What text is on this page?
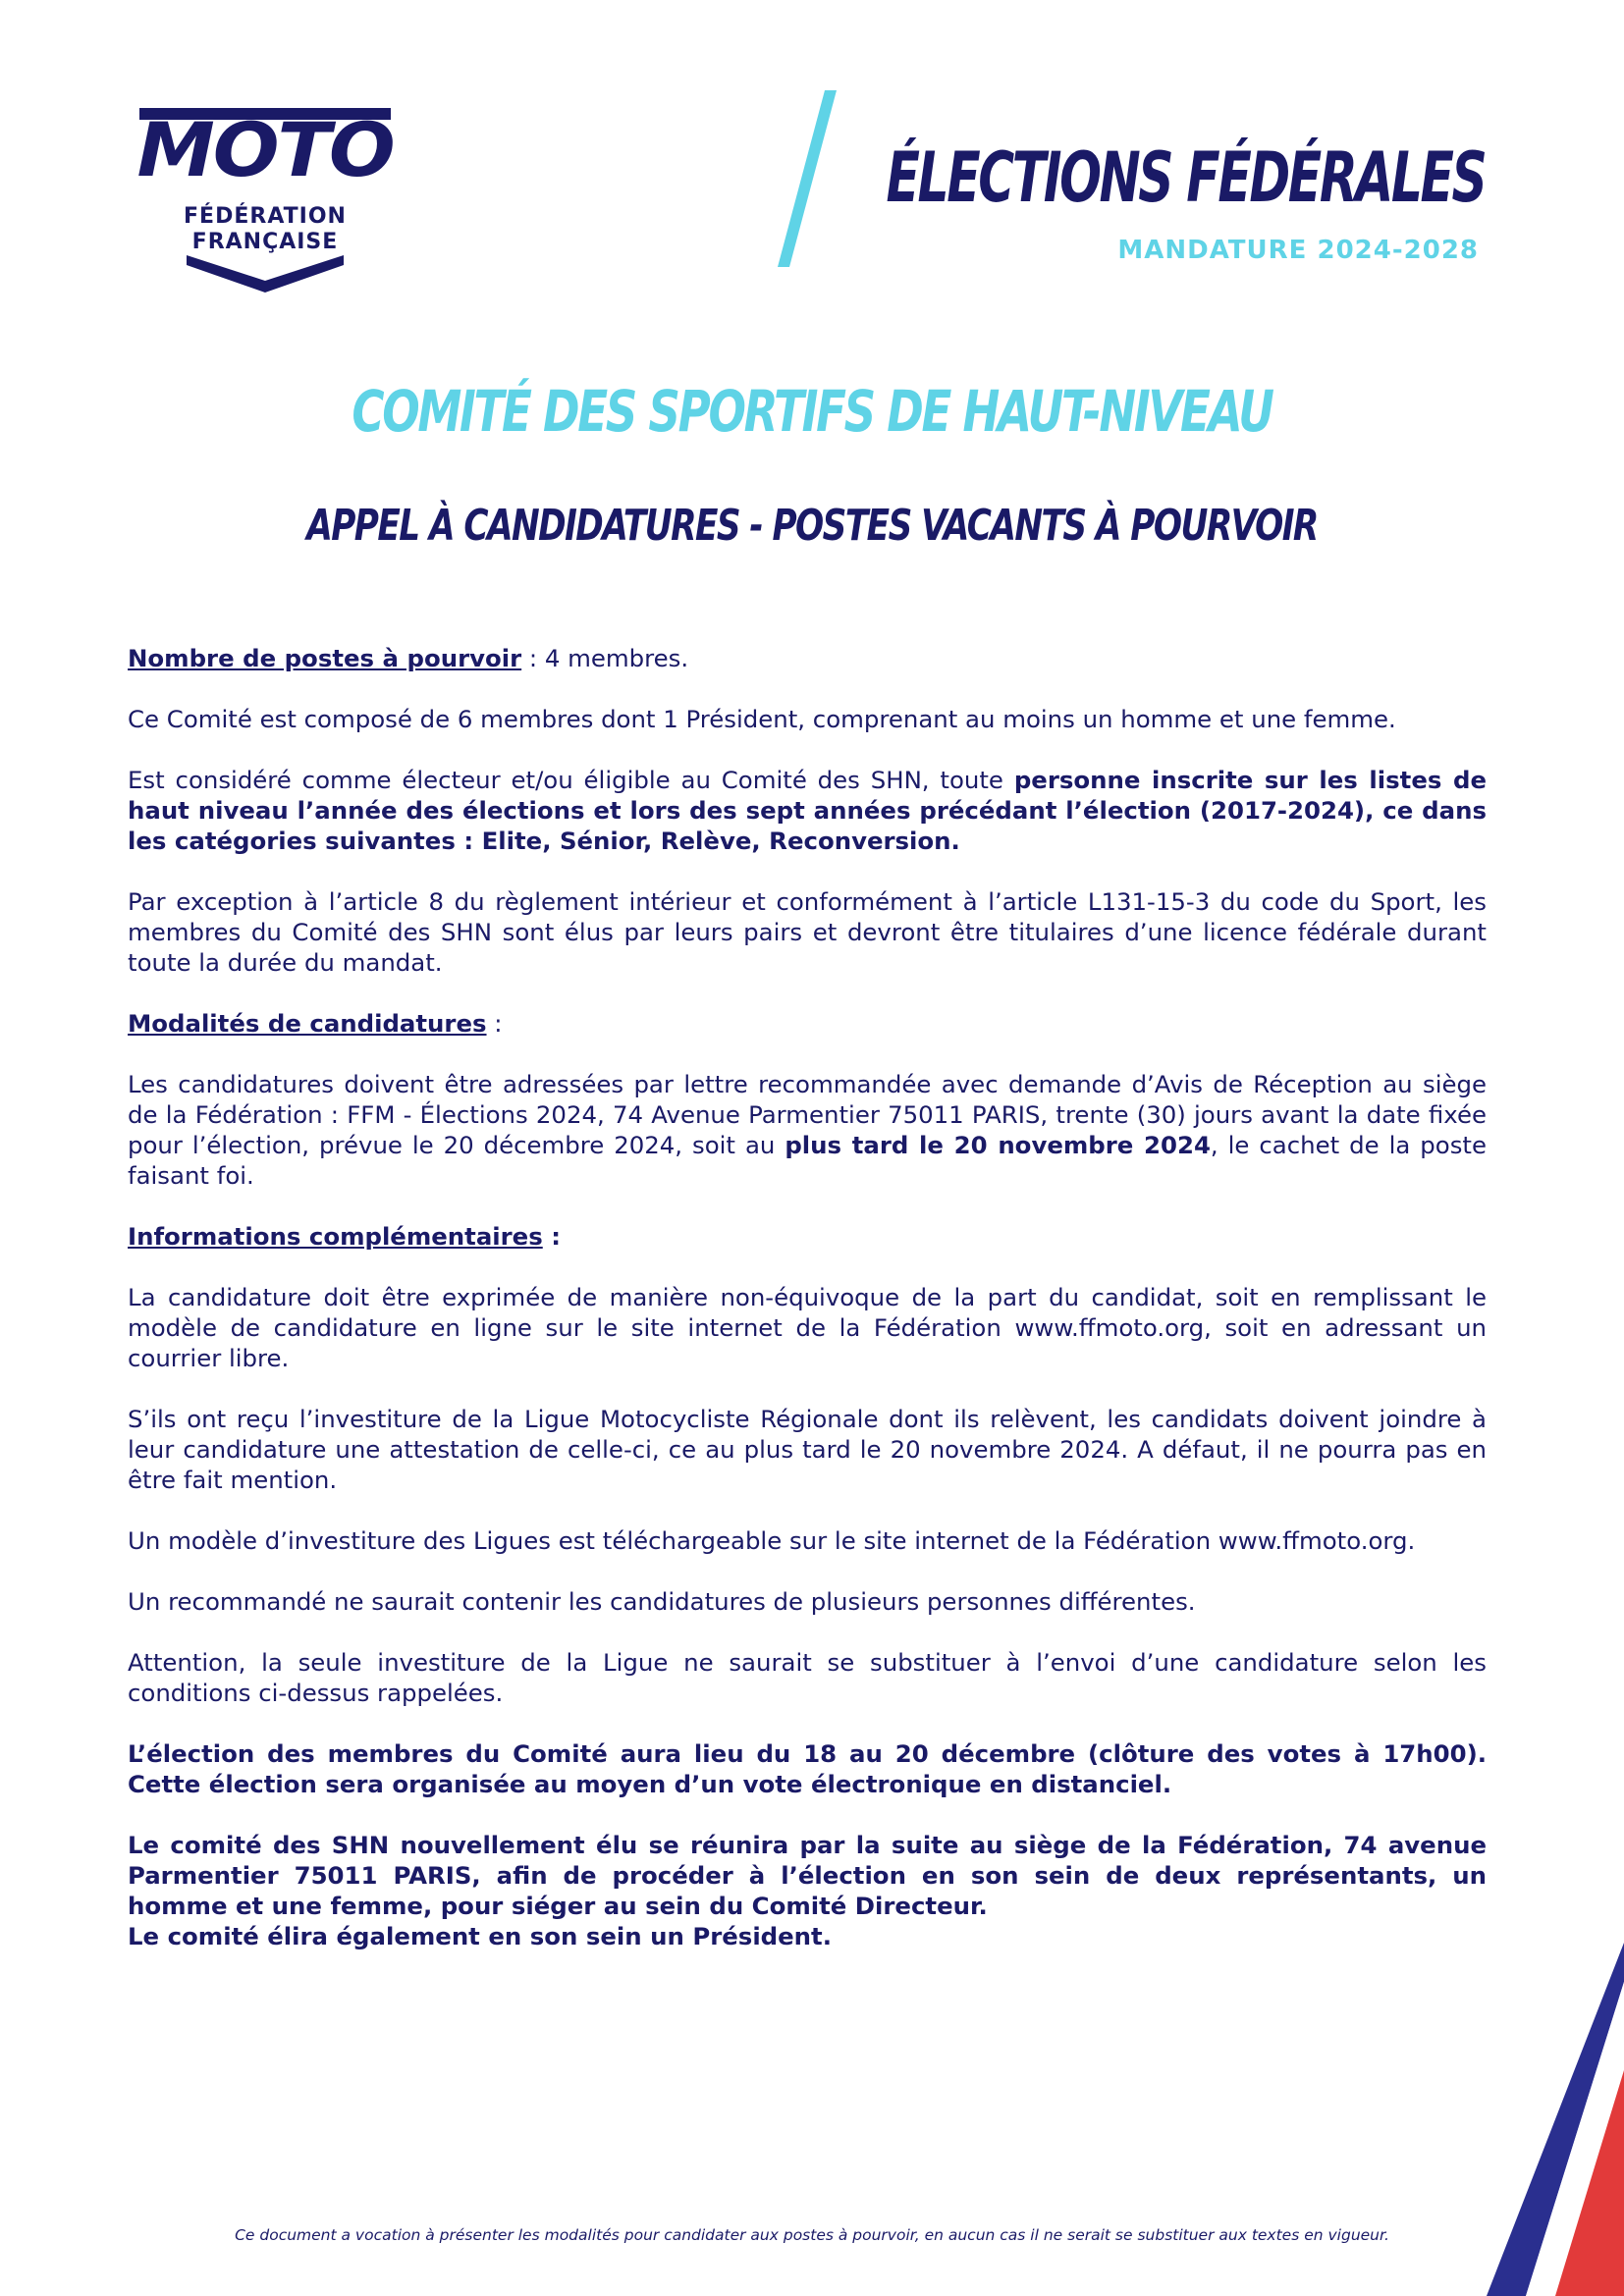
MOTO
FÉDÉRATION
FRANÇAISE
ÉLECTIONS FÉDÉRALES
MANDATURE 2024-2028
COMITÉ DES SPORTIFS DE HAUT-NIVEAU
APPEL À CANDIDATURES - POSTES VACANTS À POURVOIR

Nombre de postes à pourvoir : 4 membres.

Ce Comité est composé de 6 membres dont 1 Président, comprenant au moins un homme et une femme.

Est considéré comme électeur et/ou éligible au Comité des SHN, toute personne inscrite sur les listes de haut niveau l’année des élections et lors des sept années précédant l’élection (2017-2024), ce dans les catégories suivantes : Elite, Sénior, Relève, Reconversion.

Par exception à l’article 8 du règlement intérieur et conformément à l’article L131-15-3 du code du Sport, les membres du Comité des SHN sont élus par leurs pairs et devront être titulaires d’une licence fédérale durant toute la durée du mandat.

Modalités de candidatures :

Les candidatures doivent être adressées par lettre recommandée avec demande d’Avis de Réception au siège de la Fédération : FFM - Élections 2024, 74 Avenue Parmentier 75011 PARIS, trente (30) jours avant la date fixée pour l’élection, prévue le 20 décembre 2024, soit au plus tard le 20 novembre 2024, le cachet de la poste faisant foi.

Informations complémentaires :

La candidature doit être exprimée de manière non-équivoque de la part du candidat, soit en remplissant le modèle de candidature en ligne sur le site internet de la Fédération www.ffmoto.org, soit en adressant un courrier libre.

S’ils ont reçu l’investiture de la Ligue Motocycliste Régionale dont ils relèvent, les candidats doivent joindre à leur candidature une attestation de celle-ci, ce au plus tard le 20 novembre 2024. A défaut, il ne pourra pas en être fait mention.

Un modèle d’investiture des Ligues est téléchargeable sur le site internet de la Fédération www.ffmoto.org.

Un recommandé ne saurait contenir les candidatures de plusieurs personnes différentes.

Attention, la seule investiture de la Ligue ne saurait se substituer à l’envoi d’une candidature selon les conditions ci-dessus rappelées.

L’élection des membres du Comité aura lieu du 18 au 20 décembre (clôture des votes à 17h00). Cette élection sera organisée au moyen d’un vote électronique en distanciel.

Le comité des SHN nouvellement élu se réunira par la suite au siège de la Fédération, 74 avenue Parmentier 75011 PARIS, afin de procéder à l’élection en son sein de deux représentants, un homme et une femme, pour siéger au sein du Comité Directeur.
Le comité élira également en son sein un Président.

Ce document a vocation à présenter les modalités pour candidater aux postes à pourvoir, en aucun cas il ne serait se substituer aux textes en vigueur.
